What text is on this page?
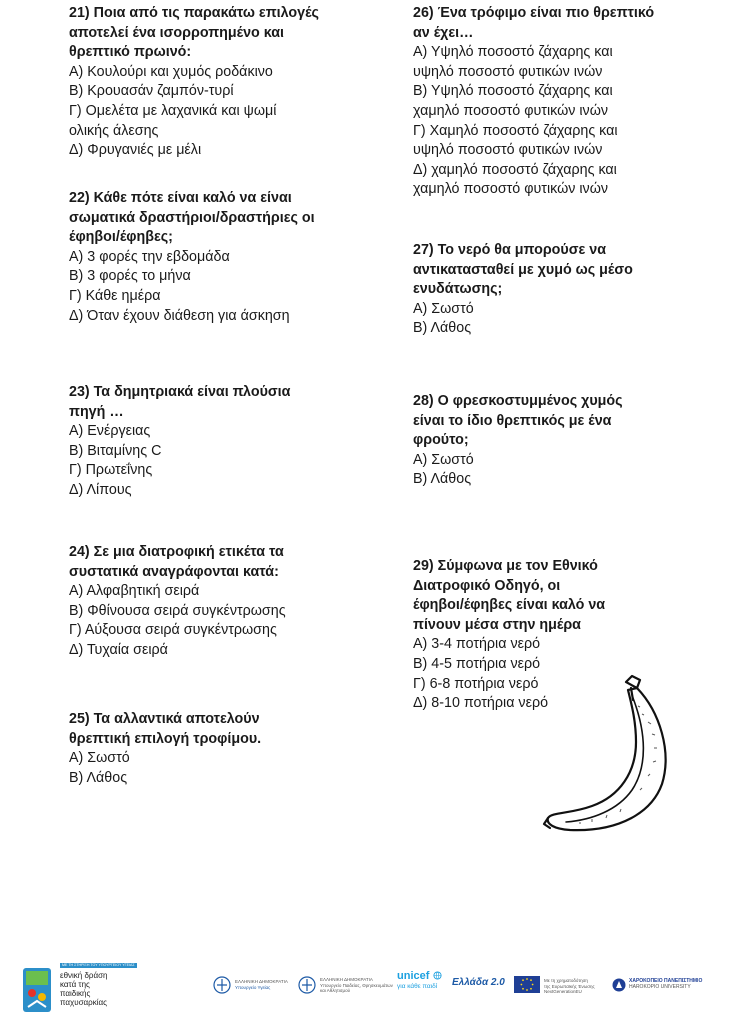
21) Ποια από τις παρακάτω επιλογές

αποτελεί ένα ισορροπημένο και

θρεπτικό πρωινό:

Α) Κουλούρι και χυμός ροδάκινο

Β) Κρουασάν ζαμπόν-τυρί

Γ) Ομελέτα με λαχανικά και ψωμί

ολικής άλεσης

Δ) Φρυγανιές με μέλι

22) Κάθε πότε είναι καλό να είναι

σωματικά δραστήριοι/δραστήριες οι

έφηβοι/έφηβες;

Α) 3 φορές την εβδομάδα

Β) 3 φορές το μήνα

Γ) Κάθε ημέρα

Δ) Όταν έχουν διάθεση για άσκηση

23) Τα δημητριακά είναι πλούσια

πηγή …

Α) Ενέργειας

Β) Βιταμίνης C

Γ) Πρωτεΐνης

Δ) Λίπους

24) Σε μια διατροφική ετικέτα τα

συστατικά αναγράφονται κατά:

Α) Αλφαβητική σειρά

Β) Φθίνουσα σειρά συγκέντρωσης

Γ) Αύξουσα σειρά συγκέντρωσης

Δ) Τυχαία σειρά

25) Τα αλλαντικά αποτελούν

θρεπτική επιλογή τροφίμου.

Α) Σωστό

Β) Λάθος

26) Ένα τρόφιμο είναι πιο θρεπτικό

αν έχει…

Α) Υψηλό ποσοστό ζάχαρης και

υψηλό ποσοστό φυτικών ινών

Β) Υψηλό ποσοστό ζάχαρης και

χαμηλό ποσοστό φυτικών ινών

Γ) Χαμηλό ποσοστό ζάχαρης και

υψηλό ποσοστό φυτικών ινών

Δ) χαμηλό ποσοστό ζάχαρης και

χαμηλό ποσοστό φυτικών ινών

27) Το νερό θα μπορούσε να

αντικατασταθεί με χυμό ως μέσο

ενυδάτωσης;

Α) Σωστό

Β) Λάθος

28) Ο φρεσκοστυμμένος χυμός

είναι το ίδιο θρεπτικός με ένα

φρούτο;

Α) Σωστό

Β) Λάθος

29) Σύμφωνα με τον Εθνικό

Διατροφικό Οδηγό, οι

έφηβοι/έφηβες είναι καλό να

πίνουν μέσα στην ημέρα

Α) 3-4 ποτήρια νερό

Β) 4-5 ποτήρια νερό

Γ) 6-8 ποτήρια νερό

Δ) 8-10 ποτήρια νερό

ΜΕ ΤΗ ΣΤΗΡΙΞΗ ΤΟΥ ΥΠΟΥΡΓΕΙΟΥ ΥΓΕΙΑΣ
εθνική δράση
κατά της
παιδικής
παχυσαρκίας
ΕΛΛΗΝΙΚΗ ΔΗΜΟΚΡΑΤΙΑ
Υπουργείο Υγείας
ΕΛΛΗΝΙΚΗ ΔΗΜΟΚΡΑΤΙΑ
Υπουργείο Παιδείας, Θρησκευμάτων
και Αθλητισμού
unicef
για κάθε παιδί	Ελλάδα 2.0	Με τη χρηματοδότηση
της Ευρωπαϊκής Ένωσης
NextGenerationEU
ΧΑΡΟΚΟΠΕΙΟ ΠΑΝΕΠΙΣΤΗΜΙΟ
HAROKOPIO UNIVERSITY
